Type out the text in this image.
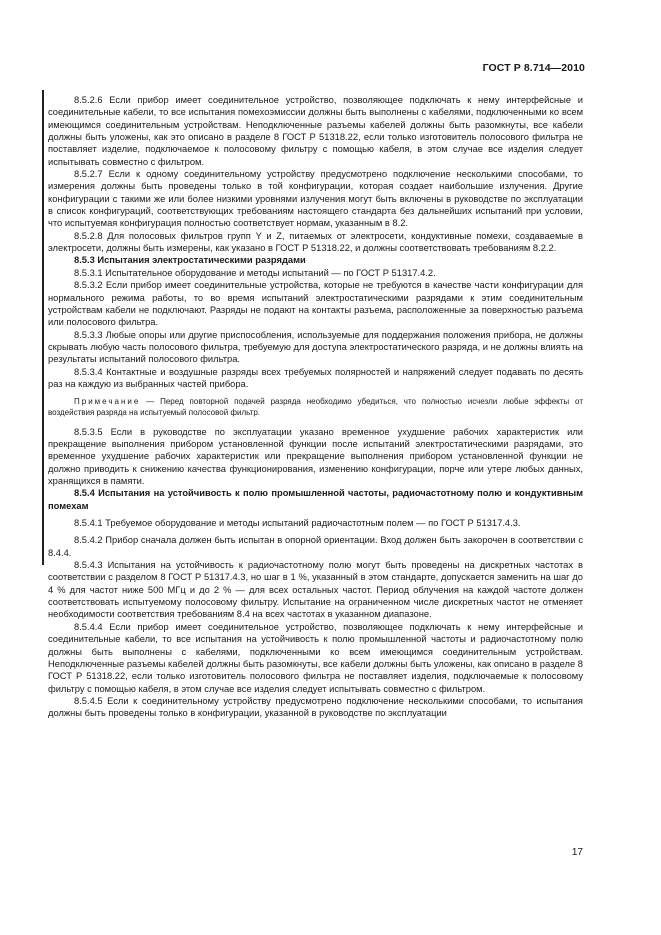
ГОСТ Р 8.714—2010

8.5.2.6 Если прибор имеет соединительное устройство, позволяющее подключать к нему интерфейсные и соединительные кабели, то все испытания помехоэмиссии должны быть выполнены с кабелями, подключенными ко всем имеющимся соединительным устройствам. Неподключенные разъемы кабелей должны быть разомкнуты, все кабели должны быть уложены, как это описано в разделе 8 ГОСТ Р 51318.22, если только изготовитель полосового фильтра не поставляет изделие, подключаемое к полосовому фильтру с помощью кабеля, в этом случае все изделия следует испытывать совместно с фильтром.

8.5.2.7 Если к одному соединительному устройству предусмотрено подключение несколькими способами, то измерения должны быть проведены только в той конфигурации, которая создает наибольшие излучения. Другие конфигурации с такими же или более низкими уровнями излучения могут быть включены в руководстве по эксплуатации в список конфигураций, соответствующих требованиям настоящего стандарта без дальнейших испытаний при условии, что испытуемая конфигурация полностью соответствует нормам, указанным в 8.2.

8.5.2.8 Для полосовых фильтров групп Y и Z, питаемых от электросети, кондуктивные помехи, создаваемые в электросети, должны быть измерены, как указано в ГОСТ Р 51318.22, и должны соответствовать требованиям 8.2.2.

8.5.3 Испытания электростатическими разрядами

8.5.3.1 Испытательное оборудование и методы испытаний — по ГОСТ Р 51317.4.2.

8.5.3.2 Если прибор имеет соединительные устройства, которые не требуются в качестве части конфигурации для нормального режима работы, то во время испытаний электростатическими разрядами к этим соединительным устройствам кабели не подключают. Разряды не подают на контакты разъема, расположенные за поверхностью разъема или полосового фильтра.

8.5.3.3 Любые опоры или другие приспособления, используемые для поддержания положения прибора, не должны скрывать любую часть полосового фильтра, требуемую для доступа электростатического разряда, и не должны влиять на результаты испытаний полосового фильтра.

8.5.3.4 Контактные и воздушные разряды всех требуемых полярностей и напряжений следует подавать по десять раз на каждую из выбранных частей прибора.

Примечание — Перед повторной подачей разряда необходимо убедиться, что полностью исчезли любые эффекты от воздействия разряда на испытуемый полосовой фильтр.

8.5.3.5 Если в руководстве по эксплуатации указано временное ухудшение рабочих характеристик или прекращение выполнения прибором установленной функции после испытаний электростатическими разрядами, это временное ухудшение рабочих характеристик или прекращение выполнения прибором установленной функции не должно приводить к снижению качества функционирования, изменению конфигурации, порче или утере любых данных, хранящихся в памяти.

8.5.4 Испытания на устойчивость к полю промышленной частоты, радиочастотному полю и кондуктивным помехам

8.5.4.1 Требуемое оборудование и методы испытаний радиочастотным полем — по ГОСТ Р 51317.4.3.

8.5.4.2 Прибор сначала должен быть испытан в опорной ориентации. Вход должен быть закорочен в соответствии с 8.4.4.

8.5.4.3 Испытания на устойчивость к радиочастотному полю могут быть проведены на дискретных частотах в соответствии с разделом 8 ГОСТ Р 51317.4.3, но шаг в 1 %, указанный в этом стандарте, допускается заменить на шаг до 4 % для частот ниже 500 МГц и до 2 % — для всех остальных частот. Период облучения на каждой частоте должен соответствовать испытуемому полосовому фильтру. Испытание на ограниченном числе дискретных частот не отменяет необходимости соответствия требованиям 8.4 на всех частотах в указанном диапазоне.

8.5.4.4 Если прибор имеет соединительное устройство, позволяющее подключать к нему интерфейсные и соединительные кабели, то все испытания на устойчивость к полю промышленной частоты и радиочастотному полю должны быть выполнены с кабелями, подключенными ко всем имеющимся соединительным устройствам. Неподключенные разъемы кабелей должны быть разомкнуты, все кабели должны быть уложены, как описано в разделе 8 ГОСТ Р 51318.22, если только изготовитель полосового фильтра не поставляет изделия, подключаемые к полосовому фильтру с помощью кабеля, в этом случае все изделия следует испытывать совместно с фильтром.

8.5.4.5 Если к соединительному устройству предусмотрено подключение несколькими способами, то испытания должны быть проведены только в конфигурации, указанной в руководстве по эксплуатации

17
